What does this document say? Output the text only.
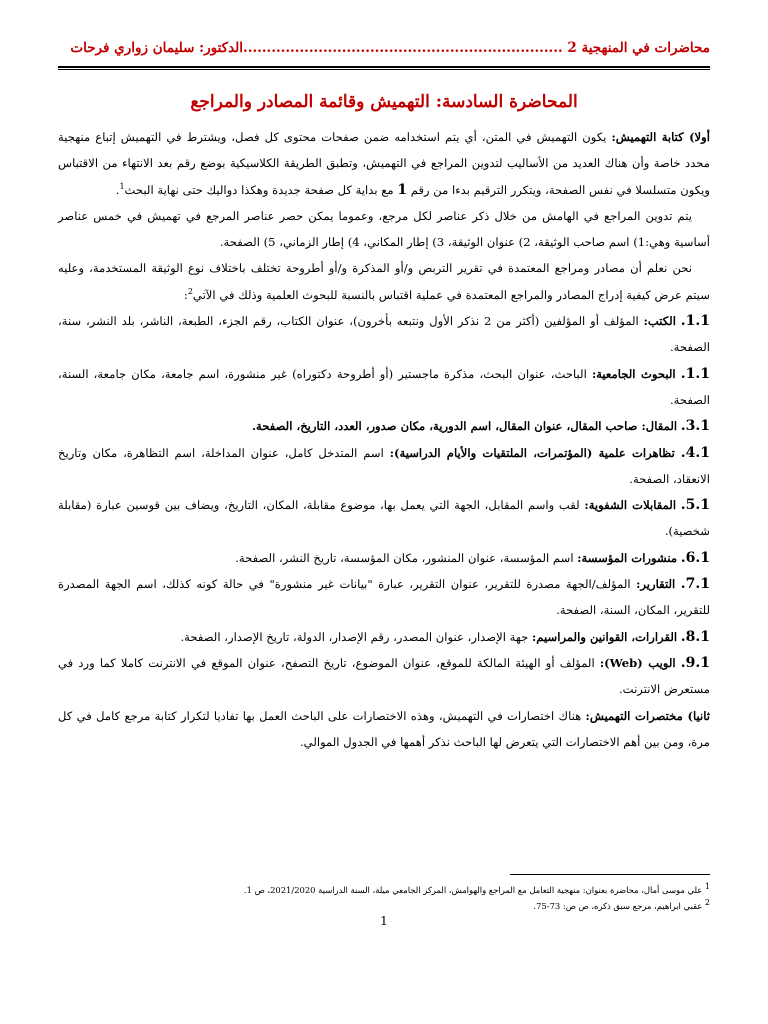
محاضرات في المنهجية 2 ....................................................................الدكتور: سليمان زواري فرحات
المحاضرة السادسة: التهميش وقائمة المصادر والمراجع

أولا) كتابة التهميش: يكون التهميش في المتن، أي يتم استخدامه ضمن صفحات محتوى كل فصل، ويشترط في التهميش إتباع منهجية محدد خاصة وأن هناك العديد من الأساليب لتدوين المراجع في التهميش، وتطبق الطريقة الكلاسيكية بوضع رقم بعد الانتهاء من الاقتباس ويكون متسلسلا في نفس الصفحة، ويتكرر الترقيم بدءا من رقم 1 مع بداية كل صفحة جديدة وهكذا دواليك حتى نهاية البحث$^1$.

يتم تدوين المراجع في الهامش من خلال ذكر عناصر لكل مرجع، وعموما يمكن حصر عناصر المرجع في تهميش في خمس عناصر أساسية وهي:1) اسم صاحب الوثيقة، 2) عنوان الوثيقة، 3) إطار المكاني، 4) إطار الزماني، 5) الصفحة.

نحن نعلم أن مصادر ومراجع المعتمدة في تقرير التربص و/أو المذكرة و/أو أطروحة تختلف باختلاف نوع الوثيقة المستخدمة، وعليه سيتم عرض كيفية إدراج المصادر والمراجع المعتمدة في عملية اقتباس بالنسبة للبحوث العلمية وذلك في الآتي$^2$:

1.1. الكتب: المؤلف أو المؤلفين (أكثر من 2 نذكر الأول ونتبعه بأخرون)، عنوان الكتاب، رقم الجزء، الطبعة، الناشر، بلد النشر، سنة، الصفحة.

1.1. البحوث الجامعية: الباحث، عنوان البحث، مذكرة ماجستير (أو أطروحة دكتوراه) غير منشورة، اسم جامعة، مكان جامعة، السنة، الصفحة.

3.1. المقال: صاحب المقال، عنوان المقال، اسم الدورية، مكان صدور، العدد، التاريخ، الصفحة.

4.1. تظاهرات علمية (المؤتمرات، الملتقيات والأيام الدراسية): اسم المتدخل كامل، عنوان المداخلة، اسم التظاهرة، مكان وتاريخ الانعقاد، الصفحة.

5.1. المقابلات الشفوية: لقب واسم المقابل، الجهة التي يعمل بها، موضوع مقابلة، المكان، التاريخ، ويضاف بين قوسين عبارة (مقابلة شخصية).

6.1. منشورات المؤسسة: اسم المؤسسة، عنوان المنشور، مكان المؤسسة، تاريخ النشر، الصفحة.

7.1. التقارير: المؤلف/الجهة مصدرة للتقرير، عنوان التقرير، عبارة "بيانات غير منشورة" في حالة كونه كذلك، اسم الجهة المصدرة للتقرير، المكان، السنة، الصفحة.

8.1. القرارات، القوانين والمراسيم: جهة الإصدار، عنوان المصدر، رقم الإصدار، الدولة، تاريخ الإصدار، الصفحة.

9.1. الويب (Web): المؤلف أو الهيئة المالكة للموقع، عنوان الموضوع، تاريخ التصفح، عنوان الموقع في الانترنت كاملا كما ورد في مستعرض الانترنت.

ثانيا) مختصرات التهميش: هناك اختصارات في التهميش، وهذه الاختصارات على الباحث العمل بها تفاديا لتكرار كتابة مرجع كامل في كل مرة، ومن بين أهم الاختصارات التي يتعرض لها الباحث نذكر أهمها في الجدول الموالي.

$^1$ علي موسى أمال، محاضرة بعنوان: منهجية التعامل مع المراجع والهوامش، المركز الجامعي ميلة، السنة الدراسية 2021/2020، ص 1.

$^2$ عقبي ابراهيم، مرجع سبق ذكره، ص ص: 73-75.

1
